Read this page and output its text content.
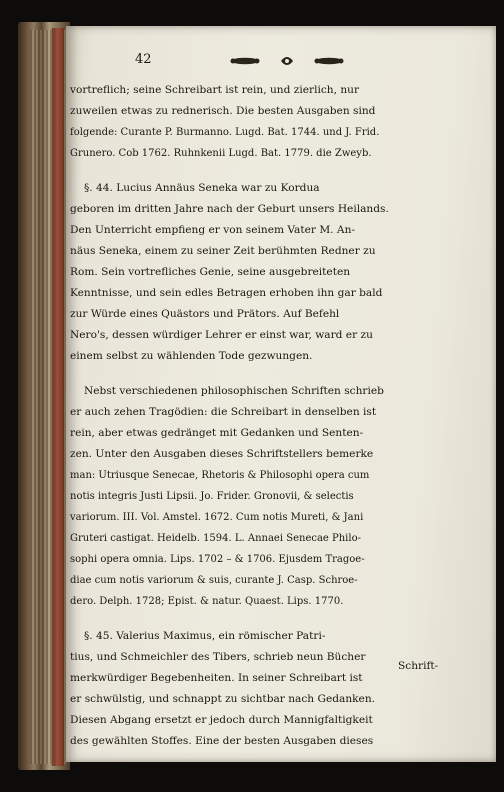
42
vortreflich; seine Schreibart ist rein, und zierlich, nur
zuweilen etwas zu rednerisch. Die besten Ausgaben sind
folgende: Curante P. Burmanno. Lugd. Bat. 1744. und J. Frid.
Grunero. Cob 1762. Ruhnkenii Lugd. Bat. 1779. die Zweyb.
§. 44. Lucius Annäus Seneka war zu Kordua
geboren im dritten Jahre nach der Geburt unsers Heilands.
Den Unterricht empfieng er von seinem Vater M. An-
näus Seneka, einem zu seiner Zeit berühmten Redner zu
Rom. Sein vortrefliches Genie, seine ausgebreiteten
Kenntnisse, und sein edles Betragen erhoben ihn gar bald
zur Würde eines Quästors und Prätors. Auf Befehl
Nero's, dessen würdiger Lehrer er einst war, ward er zu
einem selbst zu wählenden Tode gezwungen.
Nebst verschiedenen philosophischen Schriften schrieb
er auch zehen Tragödien: die Schreibart in denselben ist
rein, aber etwas gedränget mit Gedanken und Senten-
zen. Unter den Ausgaben dieses Schriftstellers bemerke
man: Utriusque Senecae, Rhetoris & Philosophi opera cum
notis integris Justi Lipsii. Jo. Frider. Gronovii, & selectis
variorum. III. Vol. Amstel. 1672. Cum notis Mureti, & Jani
Gruteri castigat. Heidelb. 1594. L. Annaei Senecae Philo-
sophi opera omnia. Lips. 1702 – & 1706. Ejusdem Tragoe-
diae cum notis variorum & suis, curante J. Casp. Schroe-
dero. Delph. 1728; Epist. & natur. Quaest. Lips. 1770.
§. 45. Valerius Maximus, ein römischer Patri-
tius, und Schmeichler des Tibers, schrieb neun Bücher
merkwürdiger Begebenheiten. In seiner Schreibart ist
er schwülstig, und schnappt zu sichtbar nach Gedanken.
Diesen Abgang ersetzt er jedoch durch Mannigfaltigkeit
des gewählten Stoffes. Eine der besten Ausgaben dieses
Schrift-
